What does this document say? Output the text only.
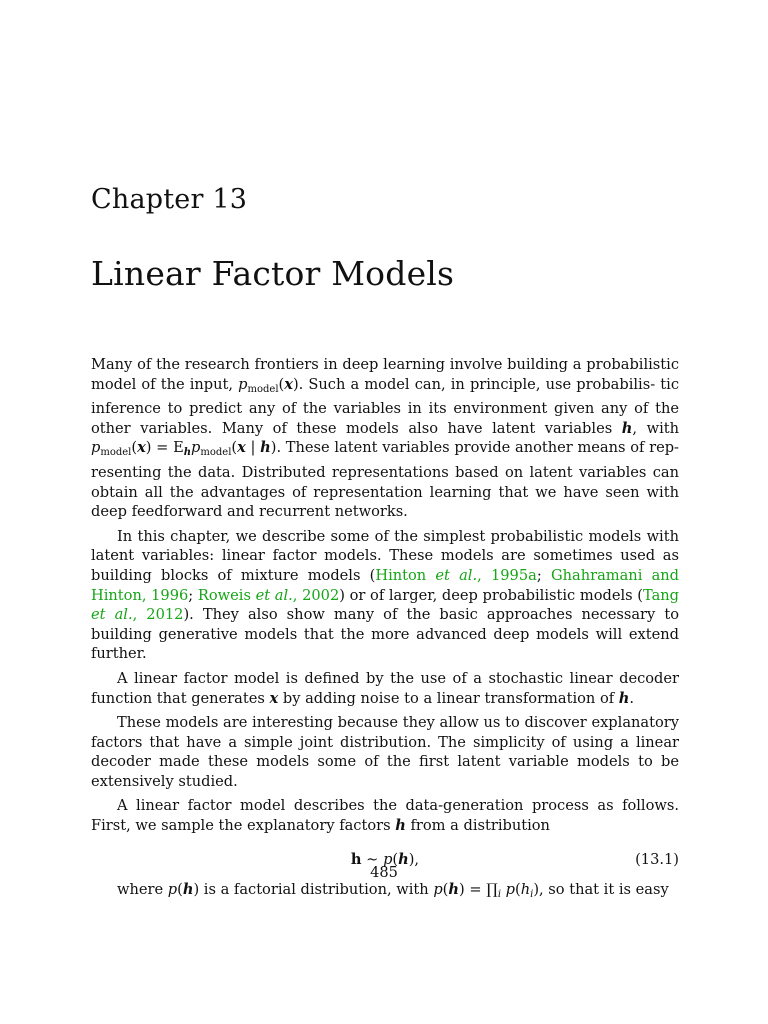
Chapter 13
Linear Factor Models

Many of the research frontiers in deep learning involve building a probabilistic model of the input, $p_{model}(x)$. Such a model can, in principle, use probabilis- tic inference to predict any of the variables in its environment given any of the other variables. Many of these models also have latent variables h, with $p_{model}(x) = E_hp_{model}(x$ | h). These latent variables provide another means of rep- resenting the data. Distributed representations based on latent variables can obtain all the advantages of representation learning that we have seen with deep feedforward and recurrent networks.

In this chapter, we describe some of the simplest probabilistic models with latent variables: linear factor models. These models are sometimes used as building blocks of mixture models (Hinton et al., 1995a; Ghahramani and Hinton, 1996; Roweis et al., 2002) or of larger, deep probabilistic models (Tang et al., 2012). They also show many of the basic approaches necessary to building generative models that the more advanced deep models will extend further.

A linear factor model is defined by the use of a stochastic linear decoder function that generates x by adding noise to a linear transformation of h.

These models are interesting because they allow us to discover explanatory factors that have a simple joint distribution. The simplicity of using a linear decoder made these models some of the first latent variable models to be extensively studied.

A linear factor model describes the data-generation process as follows. First, we sample the explanatory factors h from a distribution

h ∼ p(h),	(13.1)

where p(h) is a factorial distribution, with $p(h) = \prod_i$ $p(h_i)$, so that it is easy

485
